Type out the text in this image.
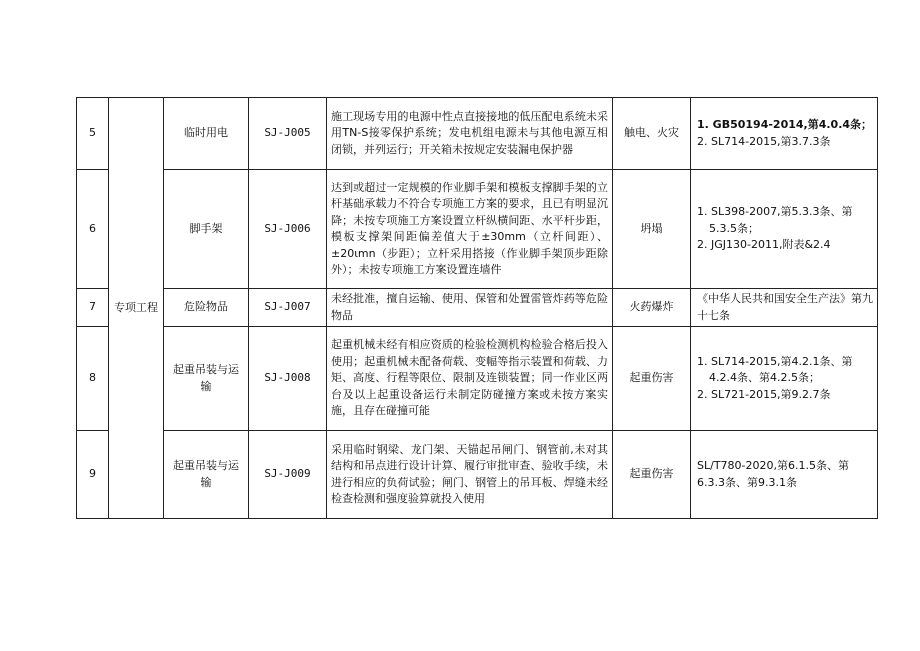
5	专项工程	临时用电	SJ-J005	施工现场专用的电源中性点直接接地的低压配电系统未采用TN-S接零保护系统；发电机组电源未与其他电源互相闭锁，并列运行；开关箱未按规定安装漏电保护器	触电、火灾	1. GB50194-2014,第4.0.4条；
2. SL714-2015,第3.7.3条

6		脚手架	SJ-J006	达到或超过一定规模的作业脚手架和模板支撑脚手架的立杆基础承载力不符合专项施工方案的要求，且已有明显沉降；未按专项施工方案设置立杆纵横间距、水平杆步距，模板支撑架间距偏差值大于±30mm（立杆间距）、±20ιmn（步距）；立杆采用搭接（作业脚手架顶步距除外）；未按专项施工方案设置连墙件	坍塌	1. SL398-2007,第5.3.3条、第
5.3.5条；
2. JGJ130-2011,附表&2.4

7		危险物品	SJ-J007	未经批准，擅自运输、使用、保管和处置雷管炸药等危险物品	火药爆炸	《中华人民共和国安全生产法》第九十七条

8		起重吊装与运输	SJ-J008	起重机械未经有相应资质的检验检测机构检验合格后投入使用；起重机械未配备荷载、变幅等指示装置和荷载、力矩、高度、行程等限位、限制及连锁装置；同一作业区两台及以上起重设备运行未制定防碰撞方案或未按方案实施，且存在碰撞可能	起重伤害	1. SL714-2015,第4.2.1条、第
4.2.4条、第4.2.5条；
2. SL721-2015,第9.2.7条

9		起重吊装与运输	SJ-J009	采用临时钢梁、龙门架、天锚起吊闸门、钢管前,未对其结构和吊点进行设计计算、履行审批审查、验收手续，未进行相应的负荷试验；闸门、钢管上的吊耳板、焊缝未经检查检测和强度验算就投入使用	起重伤害	SL/T780-2020,第6.1.5条、第
6.3.3条、第9.3.1条
